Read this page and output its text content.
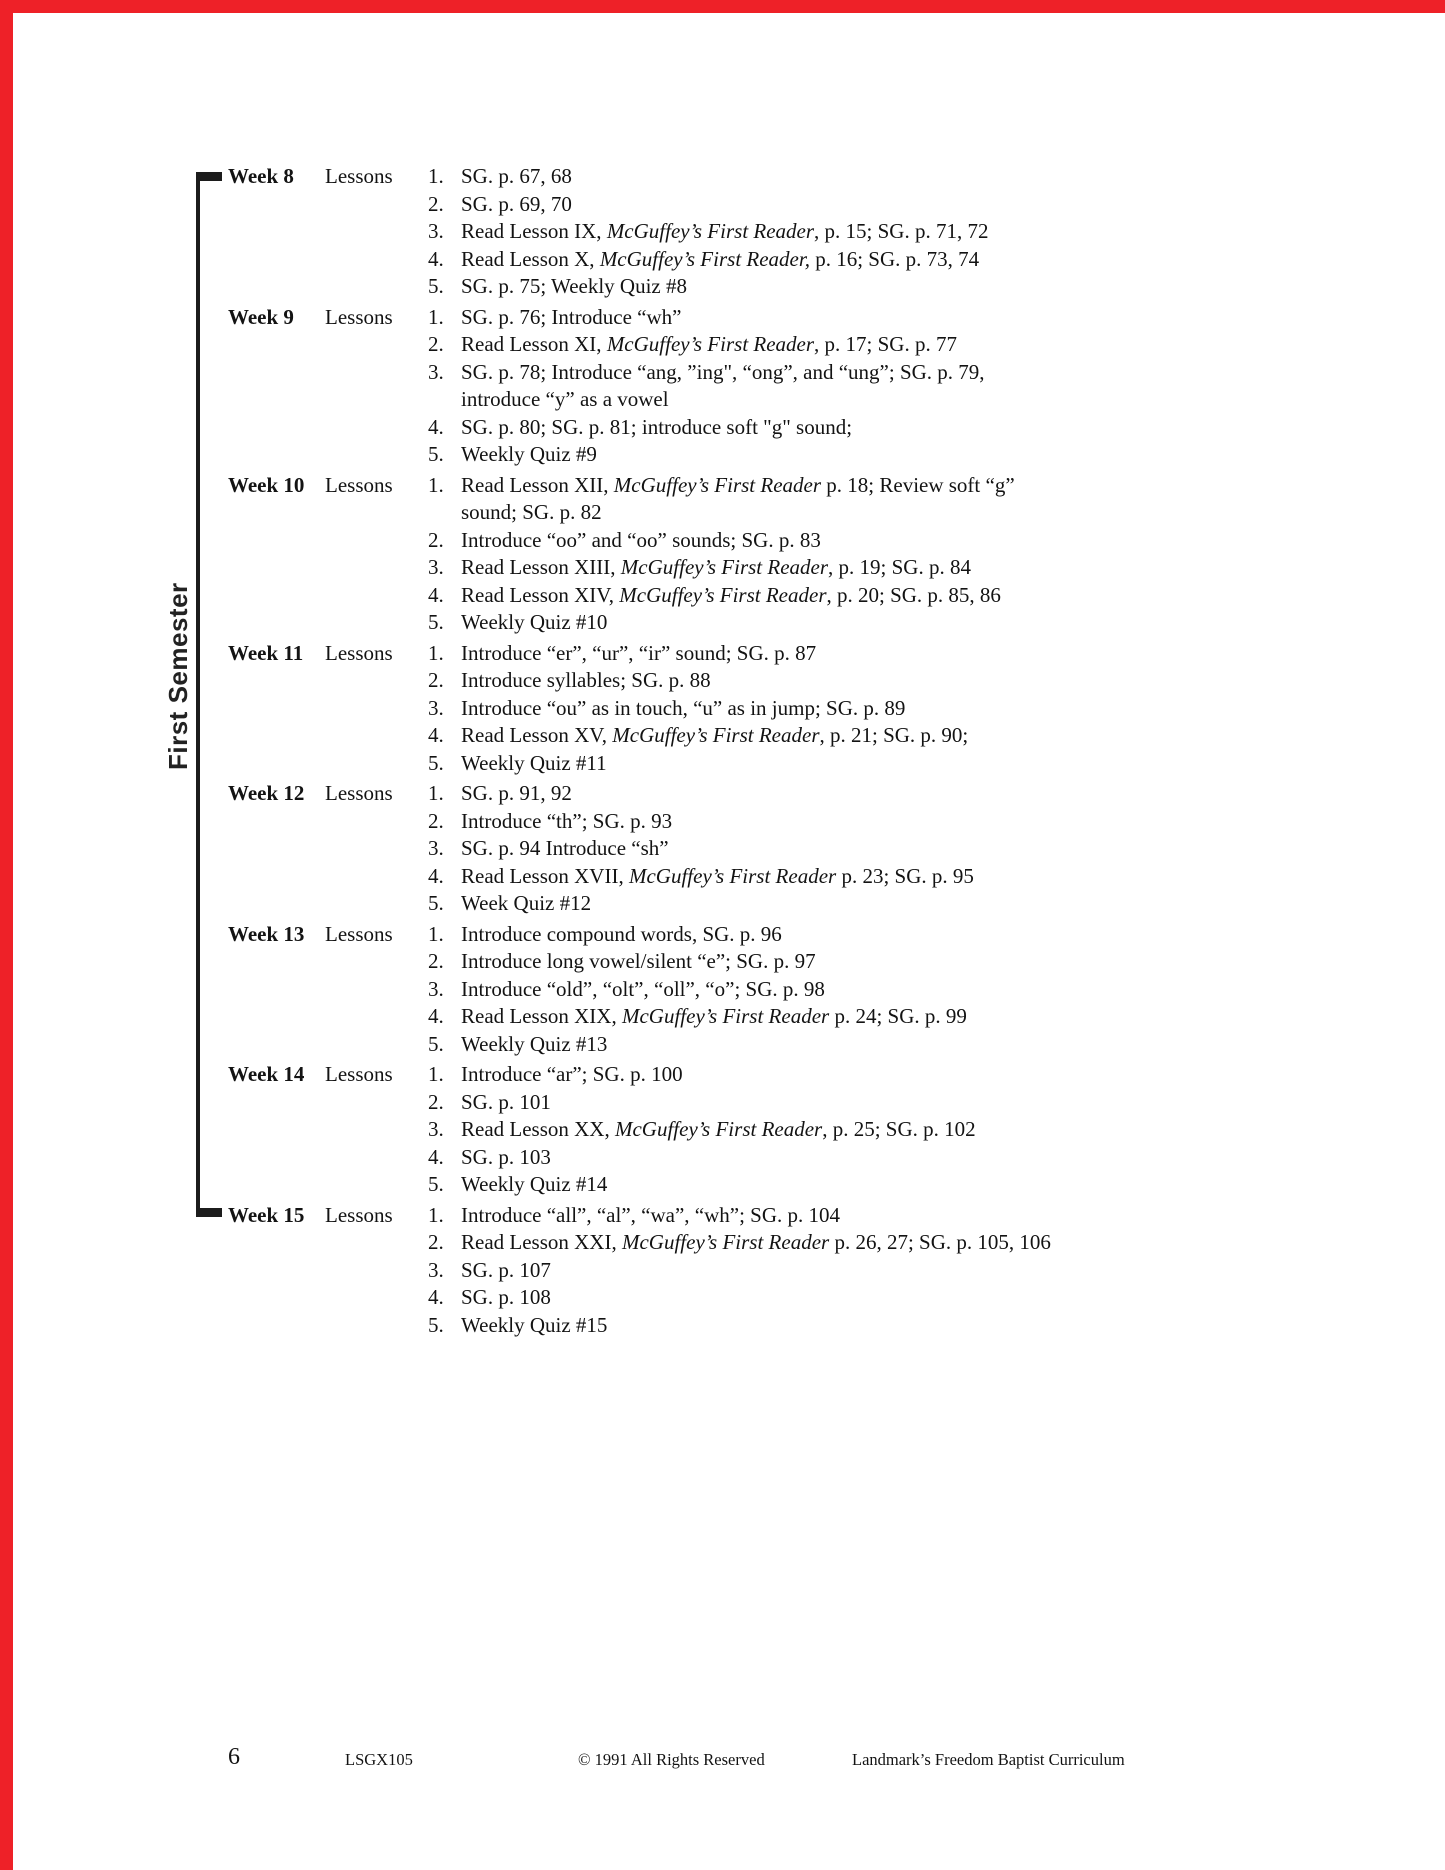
First Semester
Week 8	Lessons	1. SG. p. 67, 68
2. SG. p. 69, 70
3. Read Lesson IX, McGuffey’s First Reader, p. 15; SG. p. 71, 72
4. Read Lesson X, McGuffey’s First Reader, p. 16; SG. p. 73, 74
5. SG. p. 75; Weekly Quiz #8
Week 9	Lessons	1. SG. p. 76; Introduce “wh”
2. Read Lesson XI, McGuffey’s First Reader, p. 17; SG. p. 77
3. SG. p. 78; Introduce “ang, ”ing", “ong”, and “ung”; SG. p. 79,
introduce “y” as a vowel
4. SG. p. 80; SG. p. 81; introduce soft "g" sound;
5. Weekly Quiz #9
Week 10 Lessons	1. Read Lesson XII, McGuffey’s First Reader p. 18; Review soft “g”
sound; SG. p. 82
2. Introduce “oo” and “oo” sounds; SG. p. 83
3. Read Lesson XIII, McGuffey’s First Reader, p. 19; SG. p. 84
4. Read Lesson XIV, McGuffey’s First Reader, p. 20; SG. p. 85, 86
5. Weekly Quiz #10
Week 11	Lessons	1. Introduce “er”, “ur”, “ir” sound; SG. p. 87
2. Introduce syllables; SG. p. 88
3. Introduce “ou” as in touch, “u” as in jump; SG. p. 89
4. Read Lesson XV, McGuffey’s First Reader, p. 21; SG. p. 90;
5. Weekly Quiz #11
Week 12 Lessons	1. SG. p. 91, 92
2. Introduce “th”; SG. p. 93
3. SG. p. 94 Introduce “sh”
4. Read Lesson XVII, McGuffey’s First Reader p. 23; SG. p. 95
5. Week Quiz #12
Week 13 Lessons	1. Introduce compound words, SG. p. 96
2. Introduce long vowel/silent “e”; SG. p. 97
3. Introduce “old”, “olt”, “oll”, “o”; SG. p. 98
4. Read Lesson XIX, McGuffey’s First Reader p. 24; SG. p. 99
5. Weekly Quiz #13
Week 14 Lessons	1. Introduce “ar”; SG. p. 100
2. SG. p. 101
3. Read Lesson XX, McGuffey’s First Reader, p. 25; SG. p. 102
4. SG. p. 103
5. Weekly Quiz #14
Week 15 Lessons	1. Introduce “all”, “al”, “wa”, “wh”; SG. p. 104
2. Read Lesson XXI, McGuffey’s First Reader p. 26, 27; SG. p. 105, 106
3. SG. p. 107
4. SG. p. 108
5. Weekly Quiz #15
6	LSGX105	© 1991 All Rights Reserved	Landmark’s Freedom Baptist Curriculum
